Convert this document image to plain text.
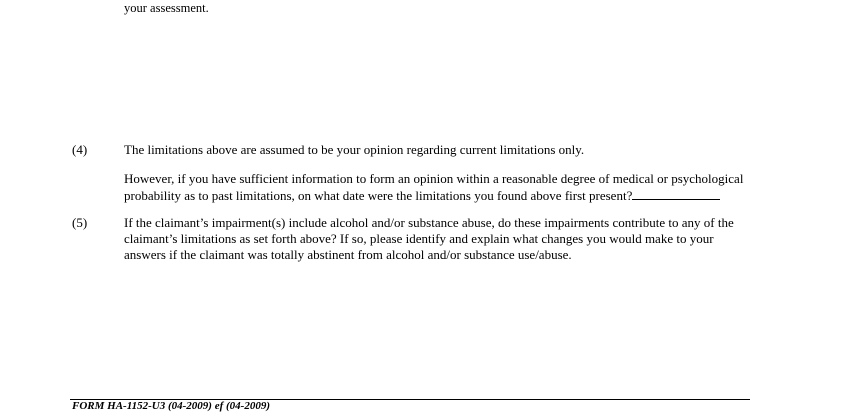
your assessment.
(4)	The limitations above are assumed to be your opinion regarding current limitations only.
However, if you have sufficient information to form an opinion within a reasonable degree of medical or psychological
probability as to past limitations, on what date were the limitations you found above first present?
(5)	If the claimant’s impairment(s) include alcohol and/or substance abuse, do these impairments contribute to any of the
claimant’s limitations as set forth above? If so, please identify and explain what changes you would make to your
answers if the claimant was totally abstinent from alcohol and/or substance use/abuse.
FORM HA-1152-U3 (04-2009) ef (04-2009)
